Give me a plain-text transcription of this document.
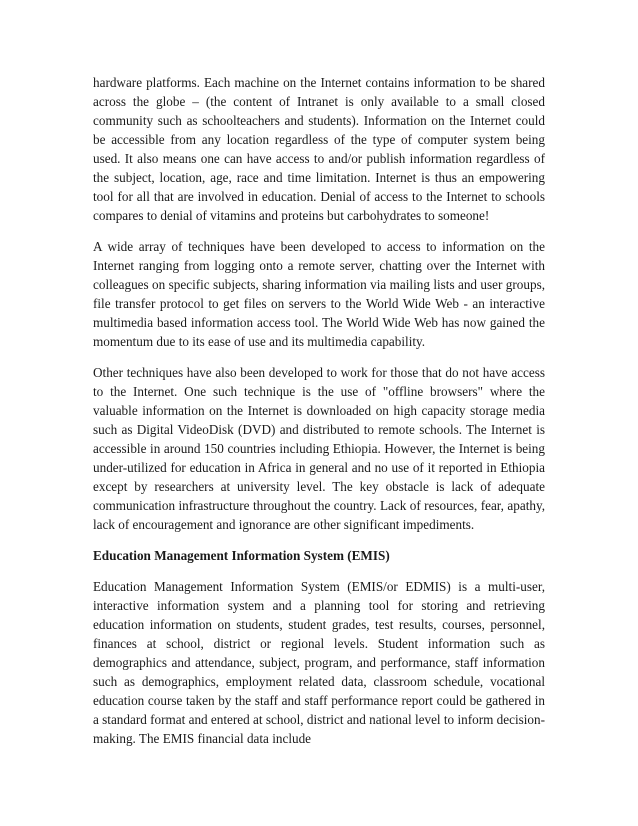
hardware platforms. Each machine on the Internet contains information to be shared across the globe – (the content of Intranet is only available to a small closed community such as schoolteachers and students). Information on the Internet could be accessible from any location regardless of the type of computer system being used. It also means one can have access to and/or publish information regardless of the subject, location, age, race and time limitation. Internet is thus an empowering tool for all that are involved in education. Denial of access to the Internet to schools compares to denial of vitamins and proteins but carbohydrates to someone!

A wide array of techniques have been developed to access to information on the Internet ranging from logging onto a remote server, chatting over the Internet with colleagues on specific subjects, sharing information via mailing lists and user groups, file transfer protocol to get files on servers to the World Wide Web - an interactive multimedia based information access tool. The World Wide Web has now gained the momentum due to its ease of use and its multimedia capability.

Other techniques have also been developed to work for those that do not have access to the Internet. One such technique is the use of "offline browsers" where the valuable information on the Internet is downloaded on high capacity storage media such as Digital VideoDisk (DVD) and distributed to remote schools. The Internet is accessible in around 150 countries including Ethiopia. However, the Internet is being under-utilized for education in Africa in general and no use of it reported in Ethiopia except by researchers at university level. The key obstacle is lack of adequate communication infrastructure throughout the country. Lack of resources, fear, apathy, lack of encouragement and ignorance are other significant impediments.

Education Management Information System (EMIS)

Education Management Information System (EMIS/or EDMIS) is a multi-user, interactive information system and a planning tool for storing and retrieving education information on students, student grades, test results, courses, personnel, finances at school, district or regional levels. Student information such as demographics and attendance, subject, program, and performance, staff information such as demographics, employment related data, classroom schedule, vocational education course taken by the staff and staff performance report could be gathered in a standard format and entered at school, district and national level to inform decision-making. The EMIS financial data include
